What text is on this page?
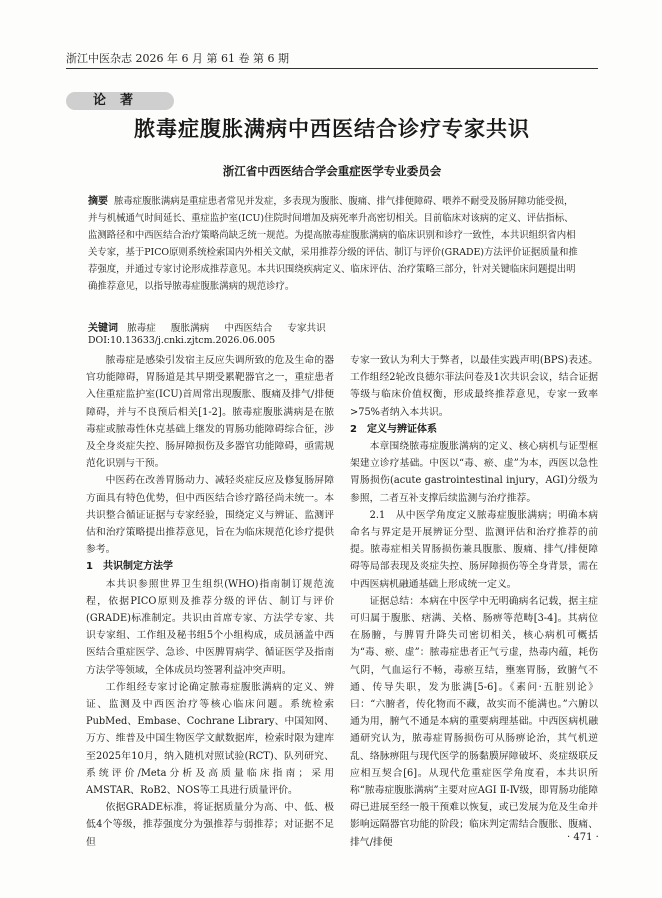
浙江中医杂志 2026 年 6 月 第 61 卷 第 6 期
论著
脓毒症腹胀满病中西医结合诊疗专家共识
浙江省中西医结合学会重症医学专业委员会
摘要 脓毒症腹胀满病是重症患者常见并发症，多表现为腹胀、腹痛、排气排便障碍、喂养不耐受及肠屏障功能受损，并与机械通气时间延长、重症监护室(ICU)住院时间增加及病死率升高密切相关。目前临床对该病的定义、评估指标、监测路径和中西医结合治疗策略尚缺乏统一规范。为提高脓毒症腹胀满病的临床识别和诊疗一致性，本共识组织省内相关专家，基于PICO原则系统检索国内外相关文献，采用推荐分级的评估、制订与评价(GRADE)方法评价证据质量和推荐强度，并通过专家讨论形成推荐意见。本共识围绕疾病定义、临床评估、治疗策略三部分，针对关键临床问题提出明确推荐意见，以指导脓毒症腹胀满病的规范诊疗。
关键词 脓毒症 腹胀满病 中西医结合 专家共识
DOI:10.13633/j.cnki.zjtcm.2026.06.005

脓毒症是感染引发宿主反应失调所致的危及生命的器官功能障碍，胃肠道是其早期受累靶器官之一，重症患者入住重症监护室(ICU)首周常出现腹胀、腹痛及排气/排便障碍，并与不良预后相关[1-2]。脓毒症腹胀满病是在脓毒症或脓毒性休克基础上继发的胃肠功能障碍综合征，涉及全身炎症失控、肠屏障损伤及多器官功能障碍，亟需规范化识别与干预。

中医药在改善胃肠动力、减轻炎症反应及修复肠屏障方面具有特色优势，但中西医结合诊疗路径尚未统一。本共识整合循证证据与专家经验，围绕定义与辨证、监测评估和治疗策略提出推荐意见，旨在为临床规范化诊疗提供参考。

1　共识制定方法学

本共识参照世界卫生组织(WHO)指南制订规范流程，依据PICO原则及推荐分级的评估、制订与评价(GRADE)标准制定。共识由首席专家、方法学专家、共识专家组、工作组及秘书组5个小组构成，成员涵盖中西医结合重症医学、急诊、中医脾胃病学、循证医学及指南方法学等领域，全体成员均签署利益冲突声明。

工作组经专家讨论确定脓毒症腹胀满病的定义、辨证、监测及中西医治疗等核心临床问题。系统检索PubMed、Embase、Cochrane Library、中国知网、万方、维普及中国生物医学文献数据库，检索时限为建库至2025年10月，纳入随机对照试验(RCT)、队列研究、系统评价/Meta分析及高质量临床指南；采用AMSTAR、RoB2、NOS等工具进行质量评价。

依据GRADE标准，将证据质量分为高、中、低、极低4个等级，推荐强度分为强推荐与弱推荐；对证据不足但

专家一致认为利大于弊者，以最佳实践声明(BPS)表述。工作组经2轮改良德尔菲法问卷及1次共识会议，结合证据等级与临床价值权衡，形成最终推荐意见，专家一致率>75%者纳入本共识。

2　定义与辨证体系

本章围绕脓毒症腹胀满病的定义、核心病机与证型框架建立诊疗基础。中医以“毒、瘀、虚”为本，西医以急性胃肠损伤(acute gastrointestinal injury，AGI)分级为参照，二者互补支撑后续监测与治疗推荐。

2.1　从中医学角度定义脓毒症腹胀满病；明确本病命名与界定是开展辨证分型、监测评估和治疗推荐的前提。脓毒症相关胃肠损伤兼具腹胀、腹痛、排气/排便障碍等局部表现及炎症失控、肠屏障损伤等全身背景，需在中西医病机融通基础上形成统一定义。

证据总结：本病在中医学中无明确病名记载，据主症可归属于腹胀、痞满、关格、肠痹等范畴[3-4]。其病位在肠腑，与脾胃升降失司密切相关，核心病机可概括为“毒、瘀、虚”：脓毒症患者正气亏虚，热毒内蕴，耗伤气阴，气血运行不畅，毒瘀互结，壅塞胃肠，致腑气不通、传导失职，发为胀满[5-6]。《素问·五脏别论》曰：“六腑者，传化物而不藏，故实而不能满也。”六腑以通为用，腑气不通是本病的重要病理基础。中西医病机融通研究认为，脓毒症胃肠损伤可从肠痹论治，其气机逆乱、络脉痹阻与现代医学的肠黏膜屏障破坏、炎症级联反应相互契合[6]。从现代危重症医学角度看，本共识所称“脓毒症腹胀满病”主要对应AGI Ⅱ-Ⅳ级，即胃肠功能障碍已进展至经一般干预难以恢复，或已发展为危及生命并影响远隔器官功能的阶段；临床判定需结合腹胀、腹痛、排气/排便	· 471 ·
